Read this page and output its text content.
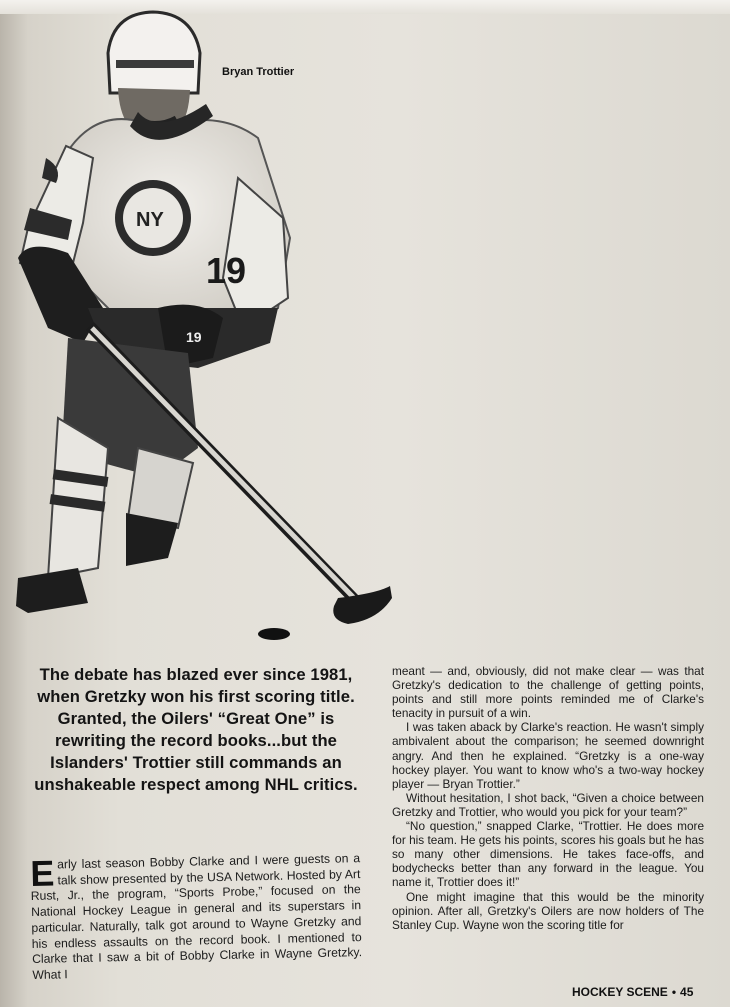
NY
19
19
Bryan Trottier
The debate has blazed ever since 1981, when Gretzky won his first scoring title. Granted, the Oilers' “Great One” is rewriting the record books...but the Islanders' Trottier still commands an unshakeable respect among NHL critics.
Early last season Bobby Clarke and I were guests on a talk show presented by the USA Network. Hosted by Art Rust, Jr., the program, “Sports Probe,” focused on the National Hockey League in general and its superstars in particular. Naturally, talk got around to Wayne Gretzky and his endless assaults on the record book. I mentioned to Clarke that I saw a bit of Bobby Clarke in Wayne Gretzky. What I

meant — and, obviously, did not make clear — was that Gretzky's dedication to the challenge of getting points, points and still more points reminded me of Clarke's tenacity in pursuit of a win.

I was taken aback by Clarke's reaction. He wasn't simply ambivalent about the comparison; he seemed downright angry. And then he explained. “Gretzky is a one-way hockey player. You want to know who's a two-way hockey player — Bryan Trottier.”

Without hesitation, I shot back, “Given a choice between Gretzky and Trottier, who would you pick for your team?”

“No question,” snapped Clarke, “Trottier. He does more for his team. He gets his points, scores his goals but he has so many other dimensions. He takes face-offs, and bodychecks better than any forward in the league. You name it, Trottier does it!”

One might imagine that this would be the minority opinion. After all, Gretzky's Oilers are now holders of The Stanley Cup. Wayne won the scoring title for

HOCKEY SCENE • 45
